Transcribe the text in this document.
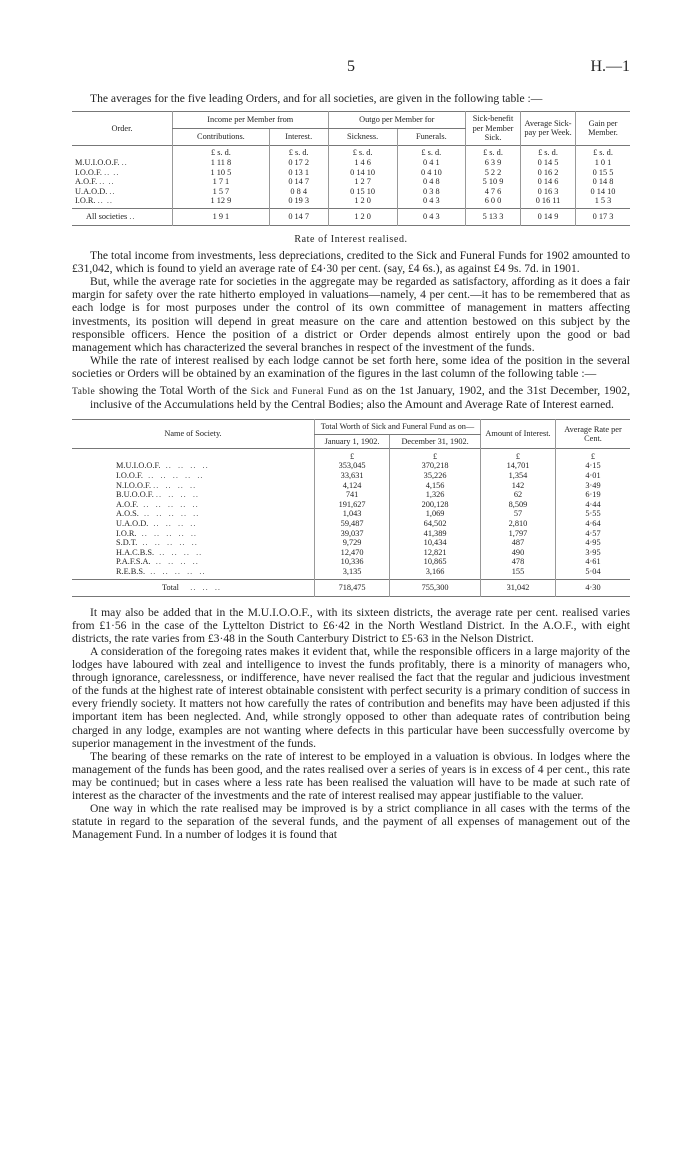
5	H.—1

The averages for the five leading Orders, and for all societies, are given in the following table :—

Order.	Income per Member from		Outgo per Member for		Sick-benefit per Member Sick.	Average Sick-pay per Week.	Gain per Member.
	Contributions.	Interest.	Sickness.	Funerals.			

	£ s. d.	£ s. d.	£ s. d.	£ s. d.	£ s. d.	£ s. d.	£ s. d.
M.U.I.O.O.F. ..	1 11 8	0 17 2	1 4 6	0 4 1	6 3 9	0 14 5	1 0 1
I.O.O.F. .. ..	1 10 5	0 13 1	0 14 10	0 4 10	5 2 2	0 16 2	0 15 5
A.O.F. .. ..	1 7 1	0 14 7	1 2 7	0 4 8	5 10 9	0 14 6	0 14 8
U.A.O.D. ..	1 5 7	0 8 4	0 15 10	0 3 8	4 7 6	0 16 3	0 14 10
I.O.R. .. ..	1 12 9	0 19 3	1 2 0	0 4 3	6 0 0	0 16 11	1 5 3

All societies ..	1 9 1	0 14 7	1 2 0	0 4 3	5 13 3	0 14 9	0 17 3
Rate of Interest realised.

The total income from investments, less depreciations, credited to the Sick and Funeral Funds for 1902 amounted to £31,042, which is found to yield an average rate of £4·30 per cent. (say, £4 6s.), as against £4 9s. 7d. in 1901.

But, while the average rate for societies in the aggregate may be regarded as satisfactory, affording as it does a fair margin for safety over the rate hitherto employed in valuations—namely, 4 per cent.—it has to be remembered that as each lodge is for most purposes under the control of its own committee of management in matters affecting investments, its position will depend in great measure on the care and attention bestowed on this subject by the responsible officers. Hence the position of a district or Order depends almost entirely upon the good or bad management which has characterized the several branches in respect of the investment of the funds.

While the rate of interest realised by each lodge cannot be set forth here, some idea of the position in the several societies or Orders will be obtained by an examination of the figures in the last column of the following table :—

Table showing the Total Worth of the Sick and Funeral Fund as on the 1st January, 1902, and the 31st December, 1902, inclusive of the Accumulations held by the Central Bodies; also the Amount and Average Rate of Interest earned.
Name of Society.	Total Worth of Sick and Funeral Fund as on—		Amount of Interest.	Average Rate per Cent.
	January 1, 1902.	December 31, 1902.		

	£	£	£	£
M.U.I.O.O.F.  ..  ..  ..  ..	353,045	370,218	14,701	4·15
I.O.O.F.  ..  ..  ..  ..  ..	33,631	35,226	1,354	4·01
N.I.O.O.F. ..  ..  ..  ..	4,124	4,156	142	3·49
B.U.O.O.F. ..  ..  ..  ..	741	1,326	62	6·19
A.O.F.  ..  ..  ..  ..  ..	191,627	200,128	8,509	4·44
A.O.S.  ..  ..  ..  ..  ..	1,043	1,069	57	5·55
U.A.O.D.  ..  ..  ..  ..	59,487	64,502	2,810	4·64
I.O.R.  ..  ..  ..  ..  ..	39,037	41,389	1,797	4·57
S.D.T.  ..  ..  ..  ..  ..	9,729	10,434	487	4·95
H.A.C.B.S.  ..  ..  ..  ..	12,470	12,821	490	3·95
P.A.F.S.A.  ..  ..  ..  ..	10,336	10,865	478	4·61
R.E.B.S.  ..  ..  ..  ..  ..	3,135	3,166	155	5·04

Total    ..  ..  ..	718,475	755,300	31,042	4·30

It may also be added that in the M.U.I.O.O.F., with its sixteen districts, the average rate per cent. realised varies from £1·56 in the case of the Lyttelton District to £6·42 in the North Westland District. In the A.O.F., with eight districts, the rate varies from £3·48 in the South Canterbury District to £5·63 in the Nelson District.

A consideration of the foregoing rates makes it evident that, while the responsible officers in a large majority of the lodges have laboured with zeal and intelligence to invest the funds profitably, there is a minority of managers who, through ignorance, carelessness, or indifference, have never realised the fact that the regular and judicious investment of the funds at the highest rate of interest obtainable consistent with perfect security is a primary condition of success in every friendly society. It matters not how carefully the rates of contribution and benefits may have been adjusted if this important item has been neglected. And, while strongly opposed to other than adequate rates of contribution being charged in any lodge, examples are not wanting where defects in this particular have been successfully overcome by superior management in the investment of the funds.

The bearing of these remarks on the rate of interest to be employed in a valuation is obvious. In lodges where the management of the funds has been good, and the rates realised over a series of years is in excess of 4 per cent., this rate may be continued; but in cases where a less rate has been realised the valuation will have to be made at such rate of interest as the character of the investments and the rate of interest realised may appear justifiable to the valuer.

One way in which the rate realised may be improved is by a strict compliance in all cases with the terms of the statute in regard to the separation of the several funds, and the payment of all expenses of management out of the Management Fund. In a number of lodges it is found that
